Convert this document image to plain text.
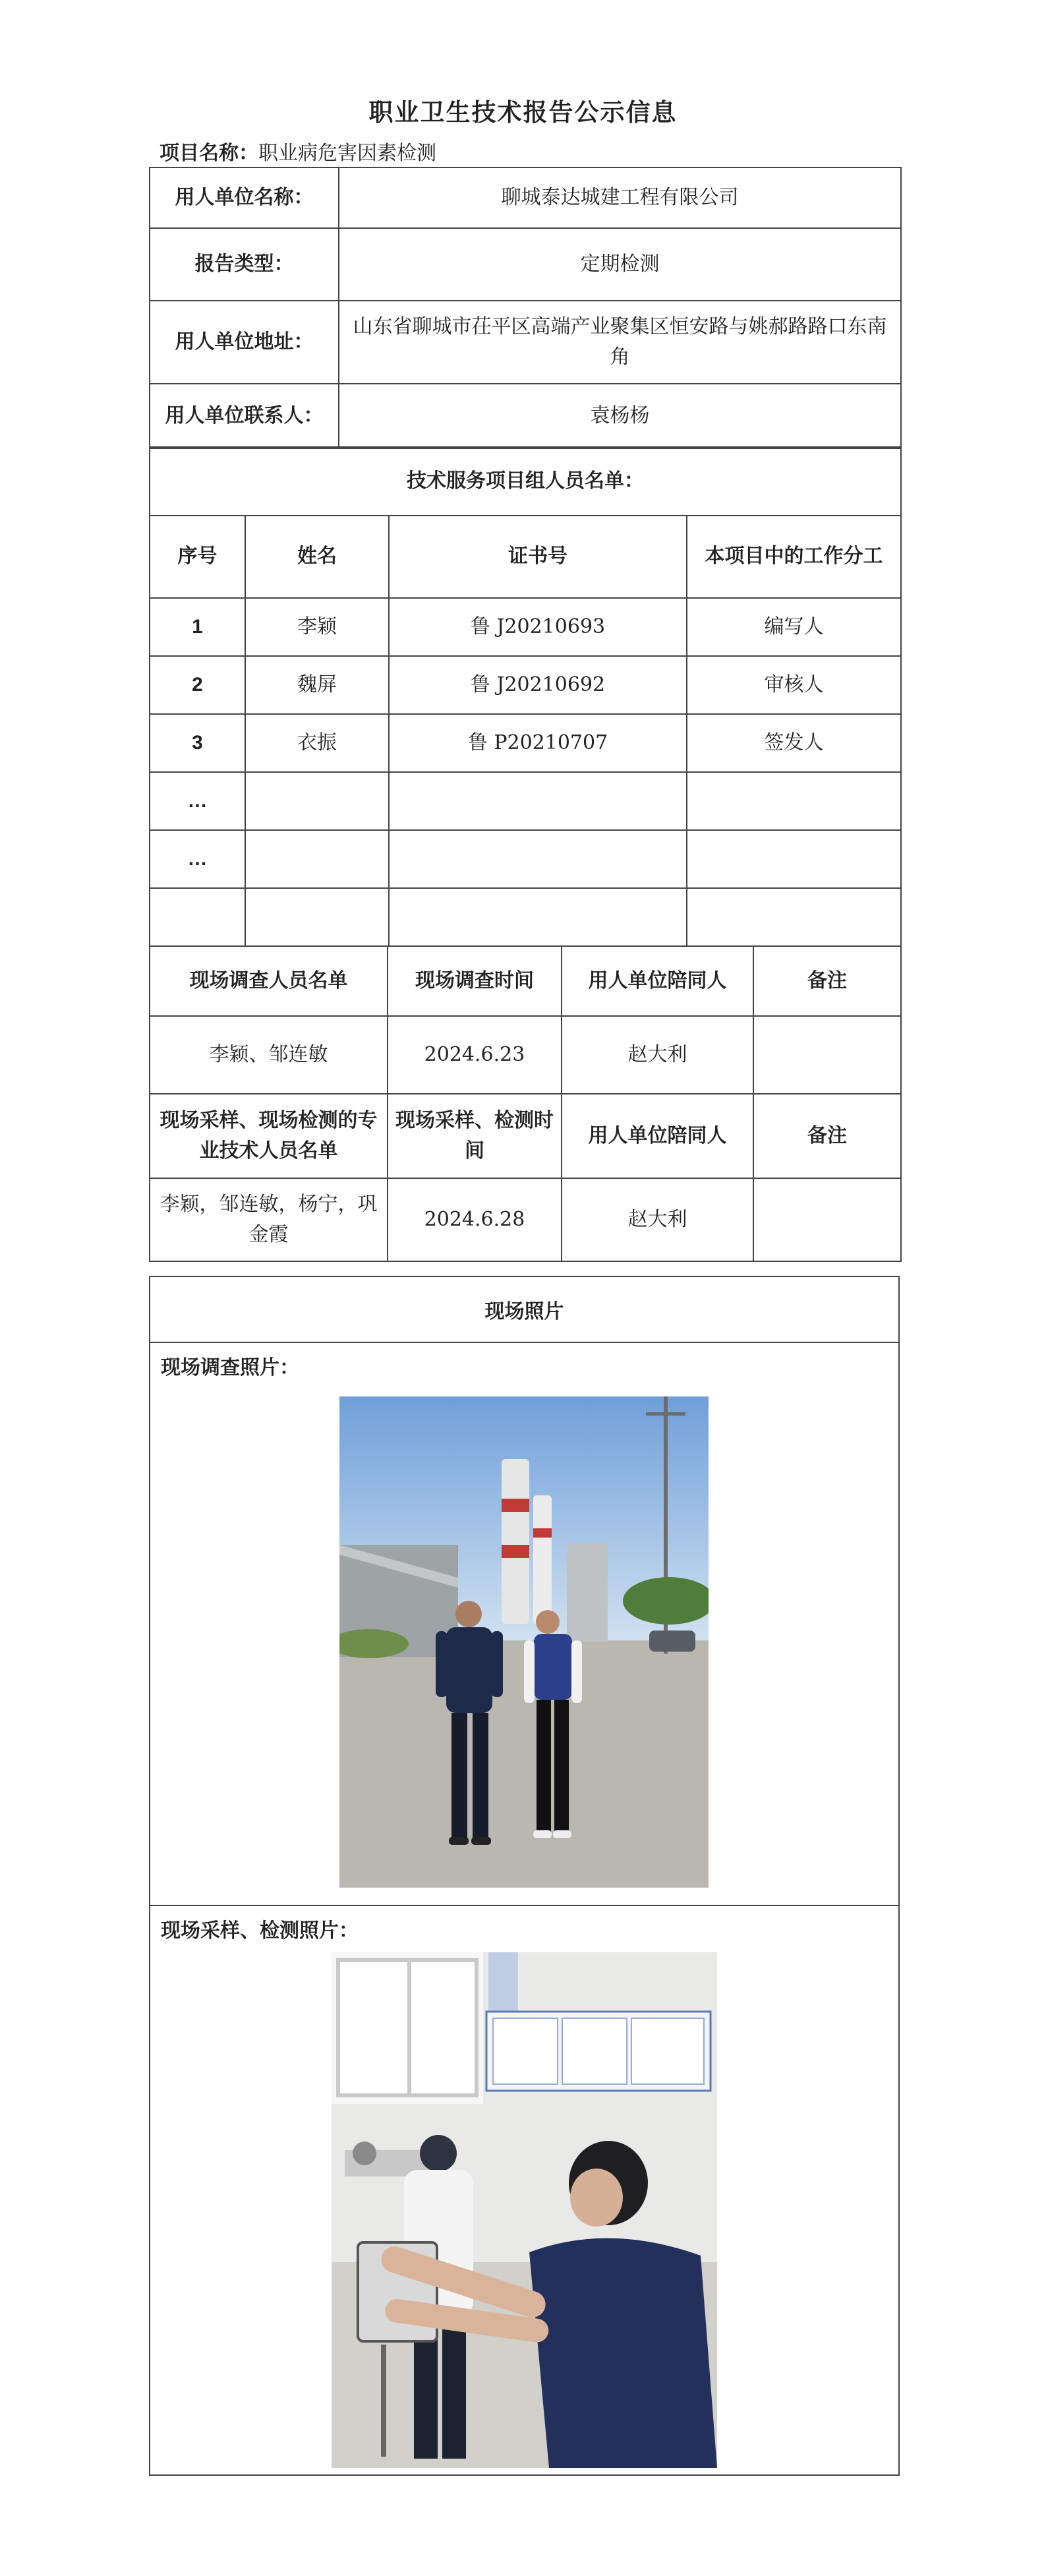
职业卫生技术报告公示信息
项目名称：职业病危害因素检测
用人单位名称：	聊城泰达城建工程有限公司
报告类型：	定期检测
用人单位地址：	山东省聊城市茌平区高端产业聚集区恒安路与姚郝路路口东南角
用人单位联系人：	袁杨杨
技术服务项目组人员名单：			
序号	姓名	证书号	本项目中的工作分工
1	李颖	鲁 J20210693	编写人
2	魏屏	鲁 J20210692	审核人
3	衣振	鲁 P20210707	签发人
…			
…			

现场调查人员名单	现场调查时间	用人单位陪同人	备注
李颖、邹连敏	2024.6.23	赵大利	
现场采样、现场检测的专业技术人员名单	现场采样、检测时间	用人单位陪同人	备注
李颖，邹连敏，杨宁，巩金霞	2024.6.28	赵大利	
现场照片
现场调查照片：
现场采样、检测照片：
